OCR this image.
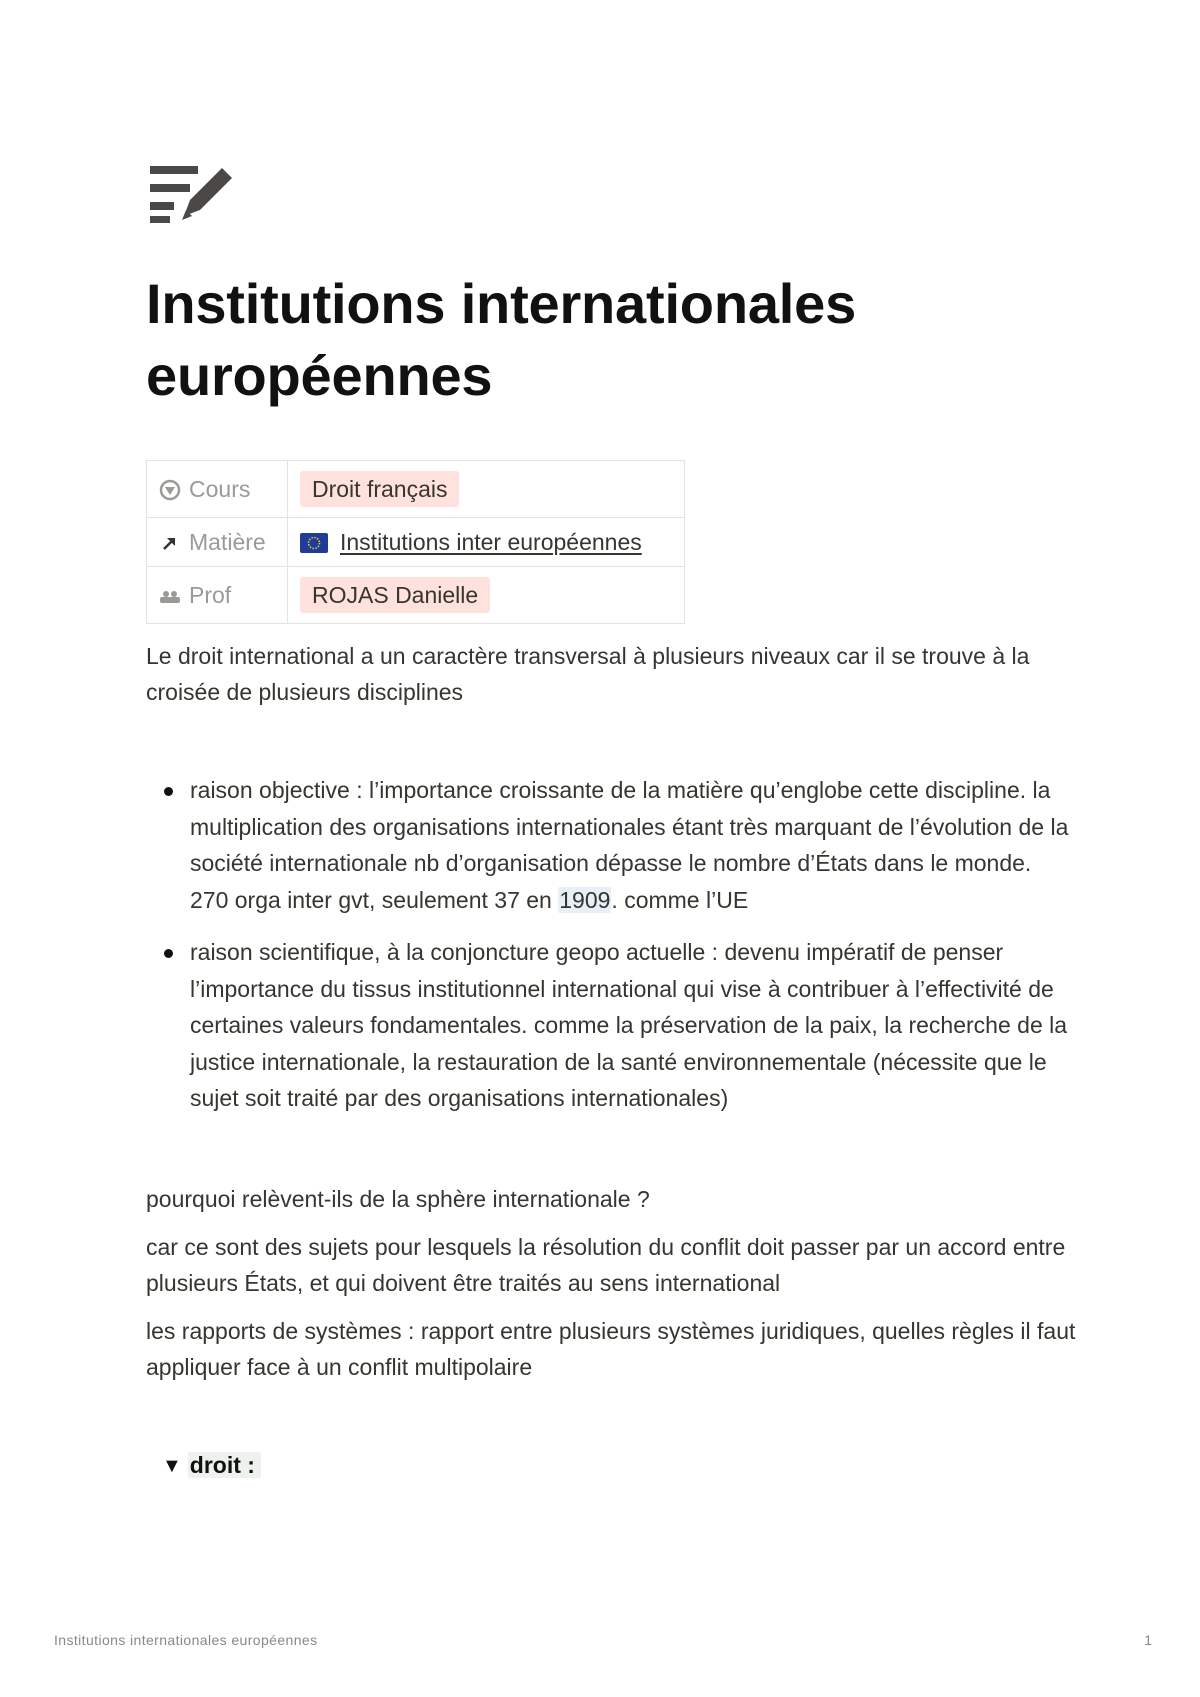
Institutions internationales européennes
Cours	Droit français
Matière	Institutions inter européennes
Prof	ROJAS Danielle

Le droit international a un caractère transversal à plusieurs niveaux car il se trouve à la croisée de plusieurs disciplines

raison objective : l’importance croissante de la matière qu’englobe cette discipline. la multiplication des organisations internationales étant très marquant de l’évolution de la société internationale nb d’organisation dépasse le nombre d’États dans le monde. 270 orga inter gvt, seulement 37 en 1909. comme l’UE
raison scientifique, à la conjoncture geopo actuelle : devenu impératif de penser l’importance du tissus institutionnel international qui vise à contribuer à l’effectivité de certaines valeurs fondamentales. comme la préservation de la paix, la recherche de la justice internationale, la restauration de la santé environnementale (nécessite que le sujet soit traité par des organisations internationales)

pourquoi relèvent-ils de la sphère internationale ?

car ce sont des sujets pour lesquels la résolution du conflit doit passer par un accord entre plusieurs États, et qui doivent être traités au sens international

les rapports de systèmes : rapport entre plusieurs systèmes juridiques, quelles règles il faut appliquer face à un conflit multipolaire

▼ droit :
Institutions internationales européennes	1
